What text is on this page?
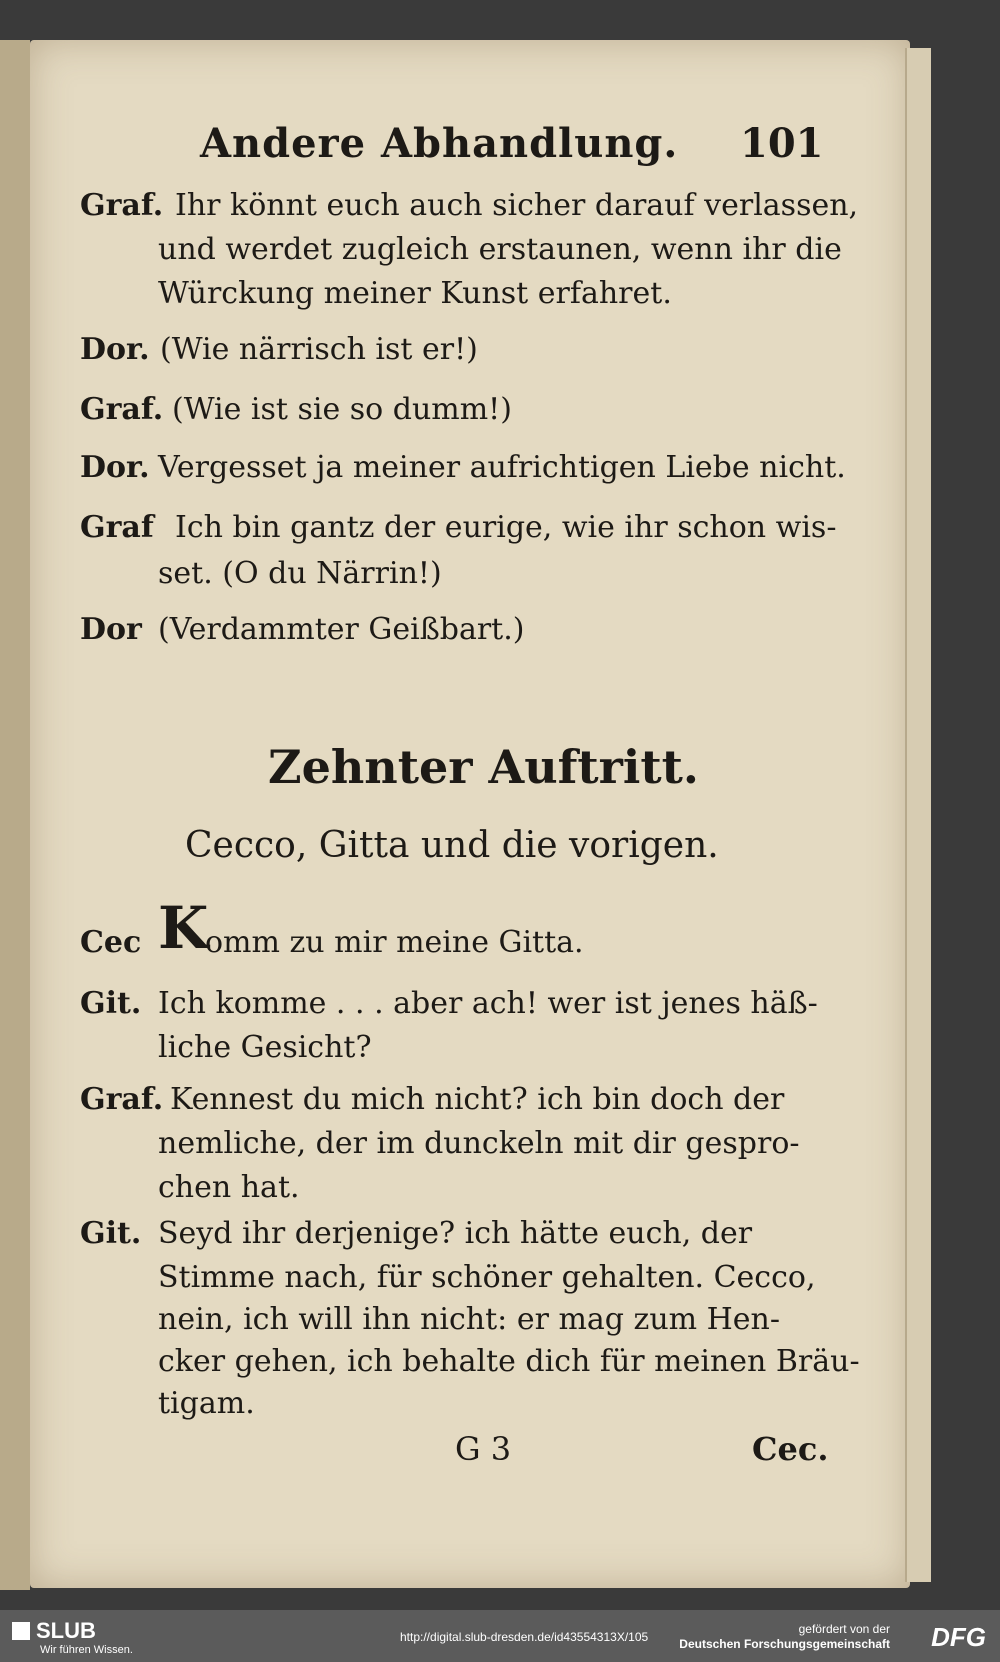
Andere Abhandlung. 101
Graf. Ihr könnt euch auch sicher darauf verlassen,
und werdet zugleich erstaunen, wenn ihr die
Würckung meiner Kunst erfahret.
Dor. (Wie närrisch ist er!)
Graf. (Wie ist sie so dumm!)
Dor. Vergesset ja meiner aufrichtigen Liebe nicht.
Graf Ich bin gantz der eurige, wie ihr schon wis-
set. (O du Närrin!)
Dor (Verdammter Geißbart.)
Zehnter Auftritt.
Cecco, Gitta und die vorigen.
Cec K
omm zu mir meine Gitta.
Git. Ich komme . . . aber ach! wer ist jenes häß-
liche Gesicht?
Graf. Kennest du mich nicht? ich bin doch der
nemliche, der im dunckeln mit dir gespro-
chen hat.
Git. Seyd ihr derjenige? ich hätte euch, der
Stimme nach, für schöner gehalten. Cecco,
nein, ich will ihn nicht: er mag zum Hen-
cker gehen, ich behalte dich für meinen Bräu-
tigam.
G 3	Cec.
SLUB
Wir führen Wissen.
http://digital.slub-dresden.de/id43554313X/105
gefördert von der
Deutschen Forschungsgemeinschaft DFG
